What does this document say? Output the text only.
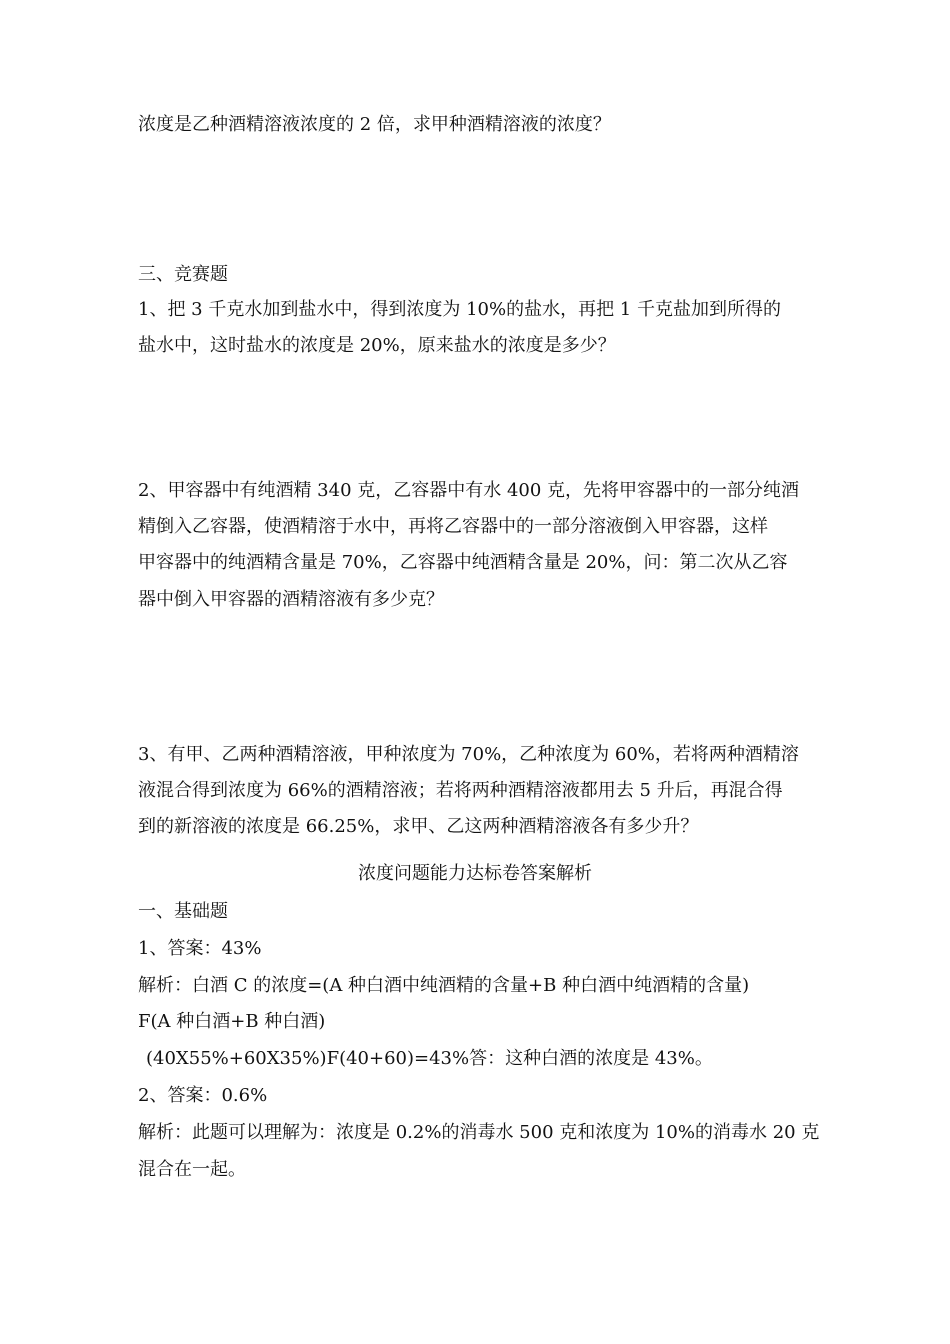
浓度是乙种酒精溶液浓度的 2 倍，求甲种酒精溶液的浓度？
三、竞赛题
1、把 3 千克水加到盐水中，得到浓度为 10%的盐水，再把 1 千克盐加到所得的
盐水中，这时盐水的浓度是 20%，原来盐水的浓度是多少？
2、甲容器中有纯酒精 340 克，乙容器中有水 400 克，先将甲容器中的一部分纯酒
精倒入乙容器，使酒精溶于水中，再将乙容器中的一部分溶液倒入甲容器，这样
甲容器中的纯酒精含量是 70%，乙容器中纯酒精含量是 20%，问：第二次从乙容
器中倒入甲容器的酒精溶液有多少克？
3、有甲、乙两种酒精溶液，甲种浓度为 70%，乙种浓度为 60%，若将两种酒精溶
液混合得到浓度为 66%的酒精溶液；若将两种酒精溶液都用去 5 升后，再混合得
到的新溶液的浓度是 66.25%，求甲、乙这两种酒精溶液各有多少升？
浓度问题能力达标卷答案解析
一、基础题
1、答案：43%
解析：白酒 C 的浓度=(A 种白酒中纯酒精的含量+B 种白酒中纯酒精的含量)
F(A 种白酒+B 种白酒)
(40X55%+60X35%)F(40+60)=43%答：这种白酒的浓度是 43%。
2、答案：0.6%
解析：此题可以理解为：浓度是 0.2%的消毒水 500 克和浓度为 10%的消毒水 20 克
混合在一起。
